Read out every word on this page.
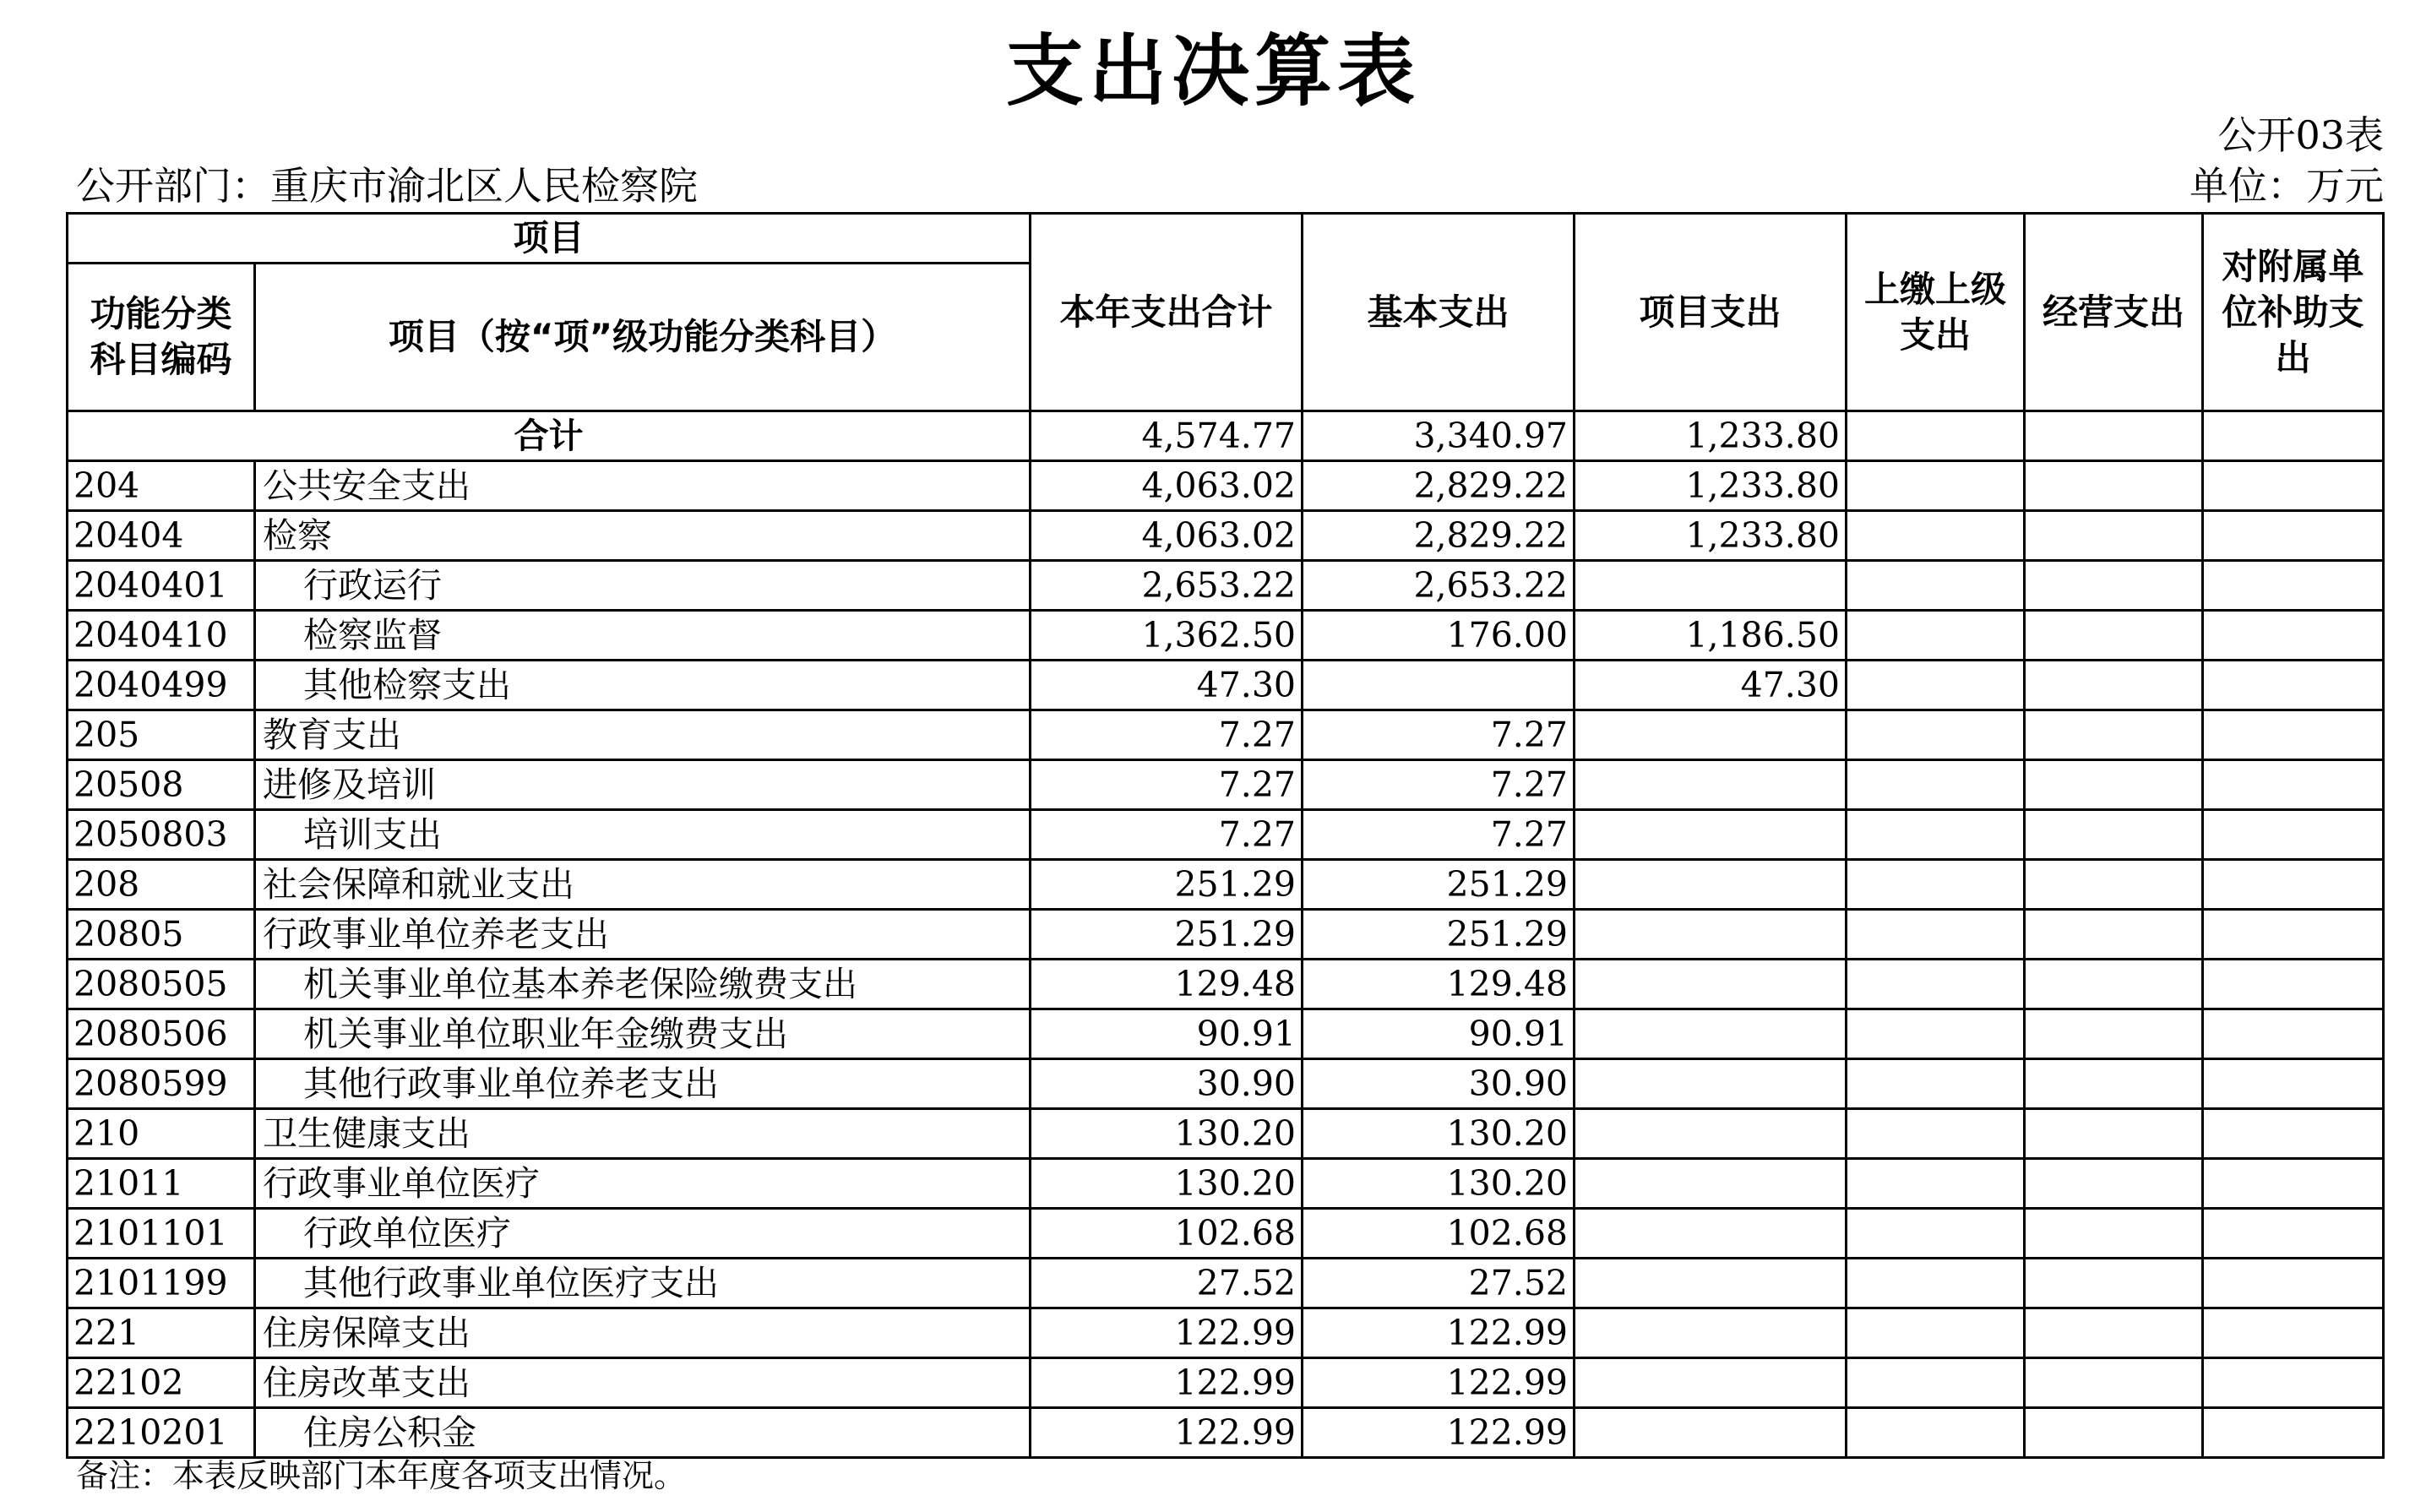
支出决算表
公开03表
公开部门：重庆市渝北区人民检察院	单位：万元
项目		本年支出合计	基本支出	项目支出	上缴上级支出	经营支出	对附属单位补助支出
功能分类科目编码	项目（按“项”级功能分类科目）						
合计		4,574.77	3,340.97	1,233.80			
204	公共安全支出	4,063.02	2,829.22	1,233.80			
20404	检察	4,063.02	2,829.22	1,233.80			
2040401	行政运行	2,653.22	2,653.22				
2040410	检察监督	1,362.50	176.00	1,186.50			
2040499	其他检察支出	47.30		47.30			
205	教育支出	7.27	7.27				
20508	进修及培训	7.27	7.27				
2050803	培训支出	7.27	7.27				
208	社会保障和就业支出	251.29	251.29				
20805	行政事业单位养老支出	251.29	251.29				
2080505	机关事业单位基本养老保险缴费支出	129.48	129.48				
2080506	机关事业单位职业年金缴费支出	90.91	90.91				
2080599	其他行政事业单位养老支出	30.90	30.90				
210	卫生健康支出	130.20	130.20				
21011	行政事业单位医疗	130.20	130.20				
2101101	行政单位医疗	102.68	102.68				
2101199	其他行政事业单位医疗支出	27.52	27.52				
221	住房保障支出	122.99	122.99				
22102	住房改革支出	122.99	122.99				
2210201	住房公积金	122.99	122.99				
备注：本表反映部门本年度各项支出情况。
